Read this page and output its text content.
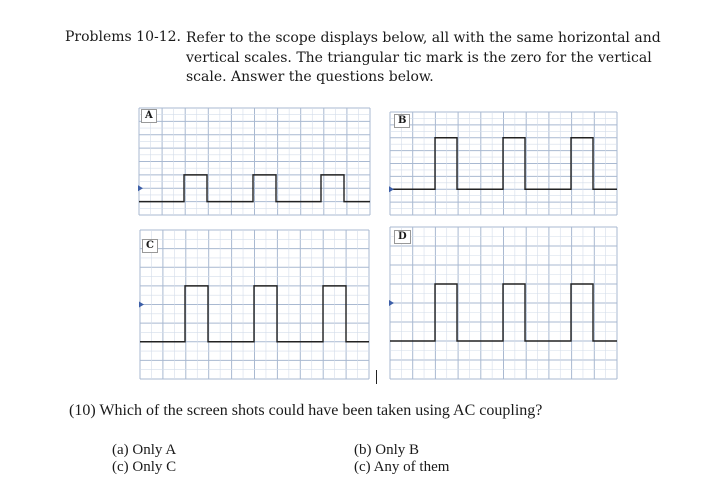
Problems 10-12. Refer to the scope displays below, all with the same horizontal and vertical scales. The triangular tic mark is the zero for the vertical scale. Answer the questions below.
A	B
C
D
(10) Which of the screen shots could have been taken using AC coupling?
(a) Only A
(c) Only C
(b) Only B
(c) Any of them
